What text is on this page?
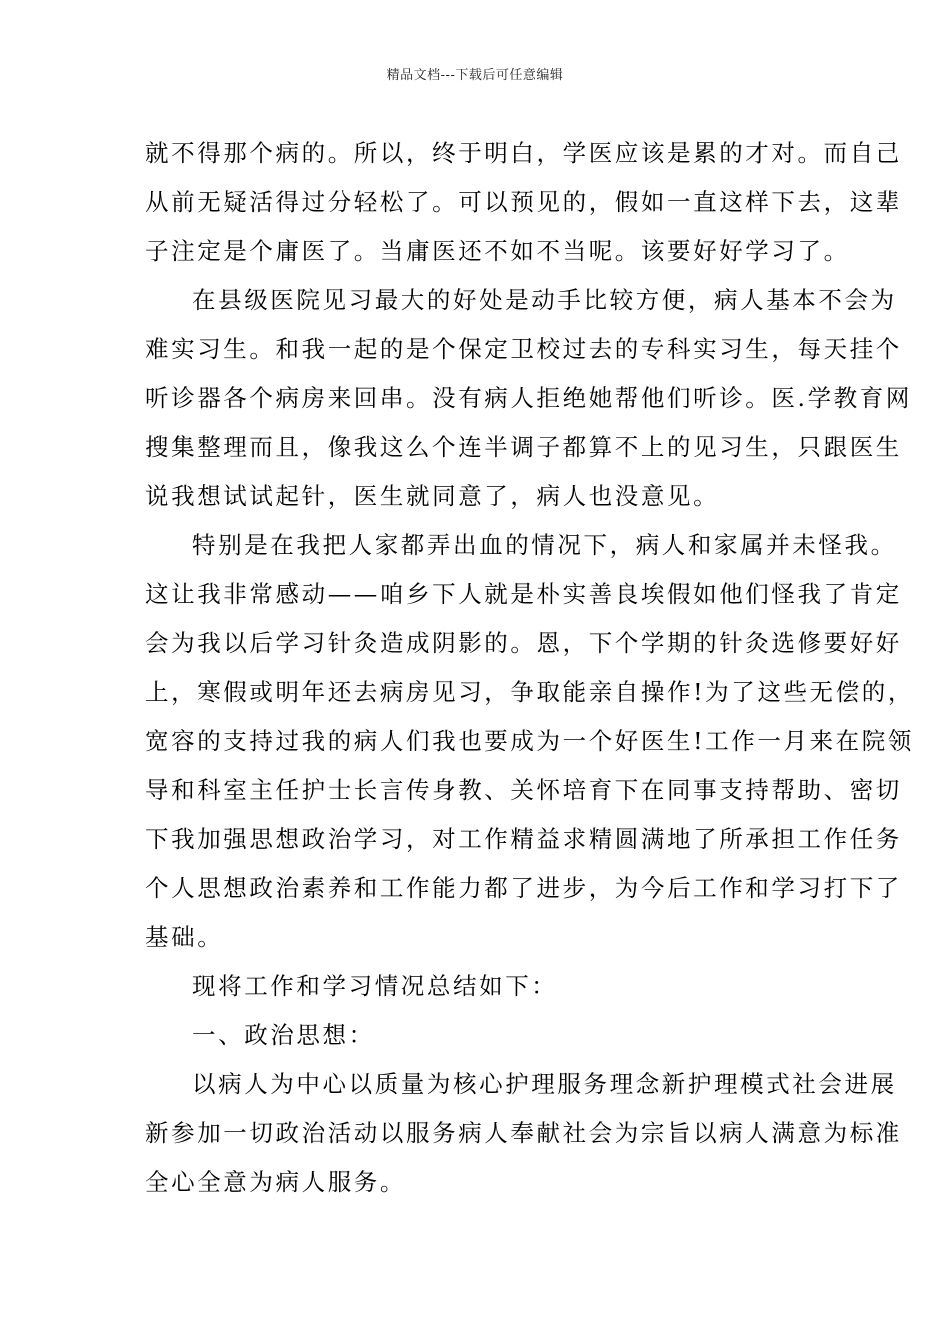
精品文档---下载后可任意编辑
就不得那个病的。所以，终于明白，学医应该是累的才对。而自己
从前无疑活得过分轻松了。可以预见的，假如一直这样下去，这辈
子注定是个庸医了。当庸医还不如不当呢。该要好好学习了。
在县级医院见习最大的好处是动手比较方便，病人基本不会为
难实习生。和我一起的是个保定卫校过去的专科实习生，每天挂个
听诊器各个病房来回串。没有病人拒绝她帮他们听诊。医.学教育网
搜集整理而且，像我这么个连半调子都算不上的见习生，只跟医生
说我想试试起针，医生就同意了，病人也没意见。
特别是在我把人家都弄出血的情况下，病人和家属并未怪我。
这让我非常感动——咱乡下人就是朴实善良埃假如他们怪我了肯定
会为我以后学习针灸造成阴影的。恩，下个学期的针灸选修要好好
上，寒假或明年还去病房见习，争取能亲自操作!为了这些无偿的，
宽容的支持过我的病人们我也要成为一个好医生!工作一月来在院领
导和科室主任护士长言传身教、关怀培育下在同事支持帮助、密切
下我加强思想政治学习，对工作精益求精圆满地了所承担工作任务
个人思想政治素养和工作能力都了进步，为今后工作和学习打下了
基础。
现将工作和学习情况总结如下：
一、政治思想：
以病人为中心以质量为核心护理服务理念新护理模式社会进展
新参加一切政治活动以服务病人奉献社会为宗旨以病人满意为标准
全心全意为病人服务。
